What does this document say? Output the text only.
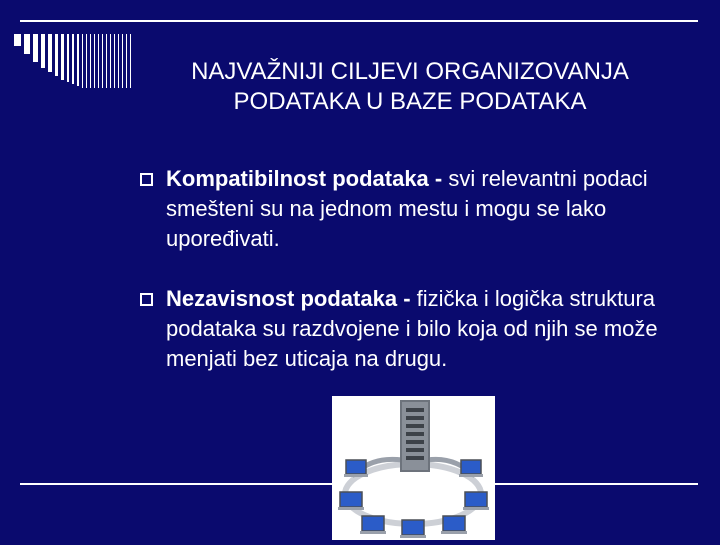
NAJVAŽNIJI CILJEVI ORGANIZOVANJA
PODATAKA U BAZE PODATAKA
Kompatibilnost podataka - svi relevantni podaci smešteni su na jednom mestu i mogu se lako upoređivati.
Nezavisnost podataka - fizička i logička struktura podataka su razdvojene i bilo koja od njih se može menjati bez uticaja na drugu.
